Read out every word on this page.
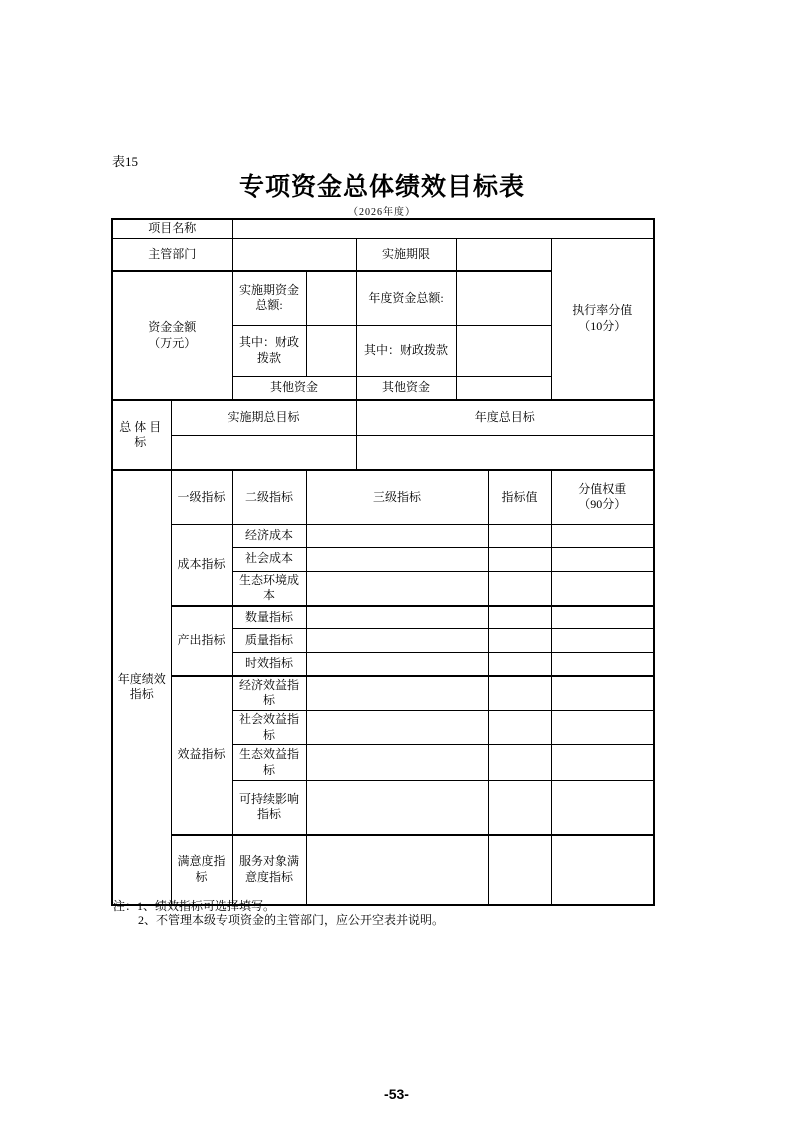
表15
专项资金总体绩效目标表
（2026年度）
项目名称							
主管部门				实施期限			执行率分值
（10分）

资金金额
（万元）		实施期资金总额:		年度资金总额:			
		其中：财政拨款		其中：财政拨款			
		其他资金		其他资金			
总体目标	实施期总目标			年度总目标			

年度绩效指标	一级指标	二级指标	三级指标			指标值	分值权重
（90分）

	成本指标	经济成本					
		社会成本					
		生态环境成本					
	产出指标	数量指标					
		质量指标					
		时效指标					
	效益指标	经济效益指标					
		社会效益指标					
		生态效益指标					
		可持续影响指标					
	满意度指标	服务对象满意度指标					
注：1、绩效指标可选择填写。
2、不管理本级专项资金的主管部门，应公开空表并说明。
-53-
